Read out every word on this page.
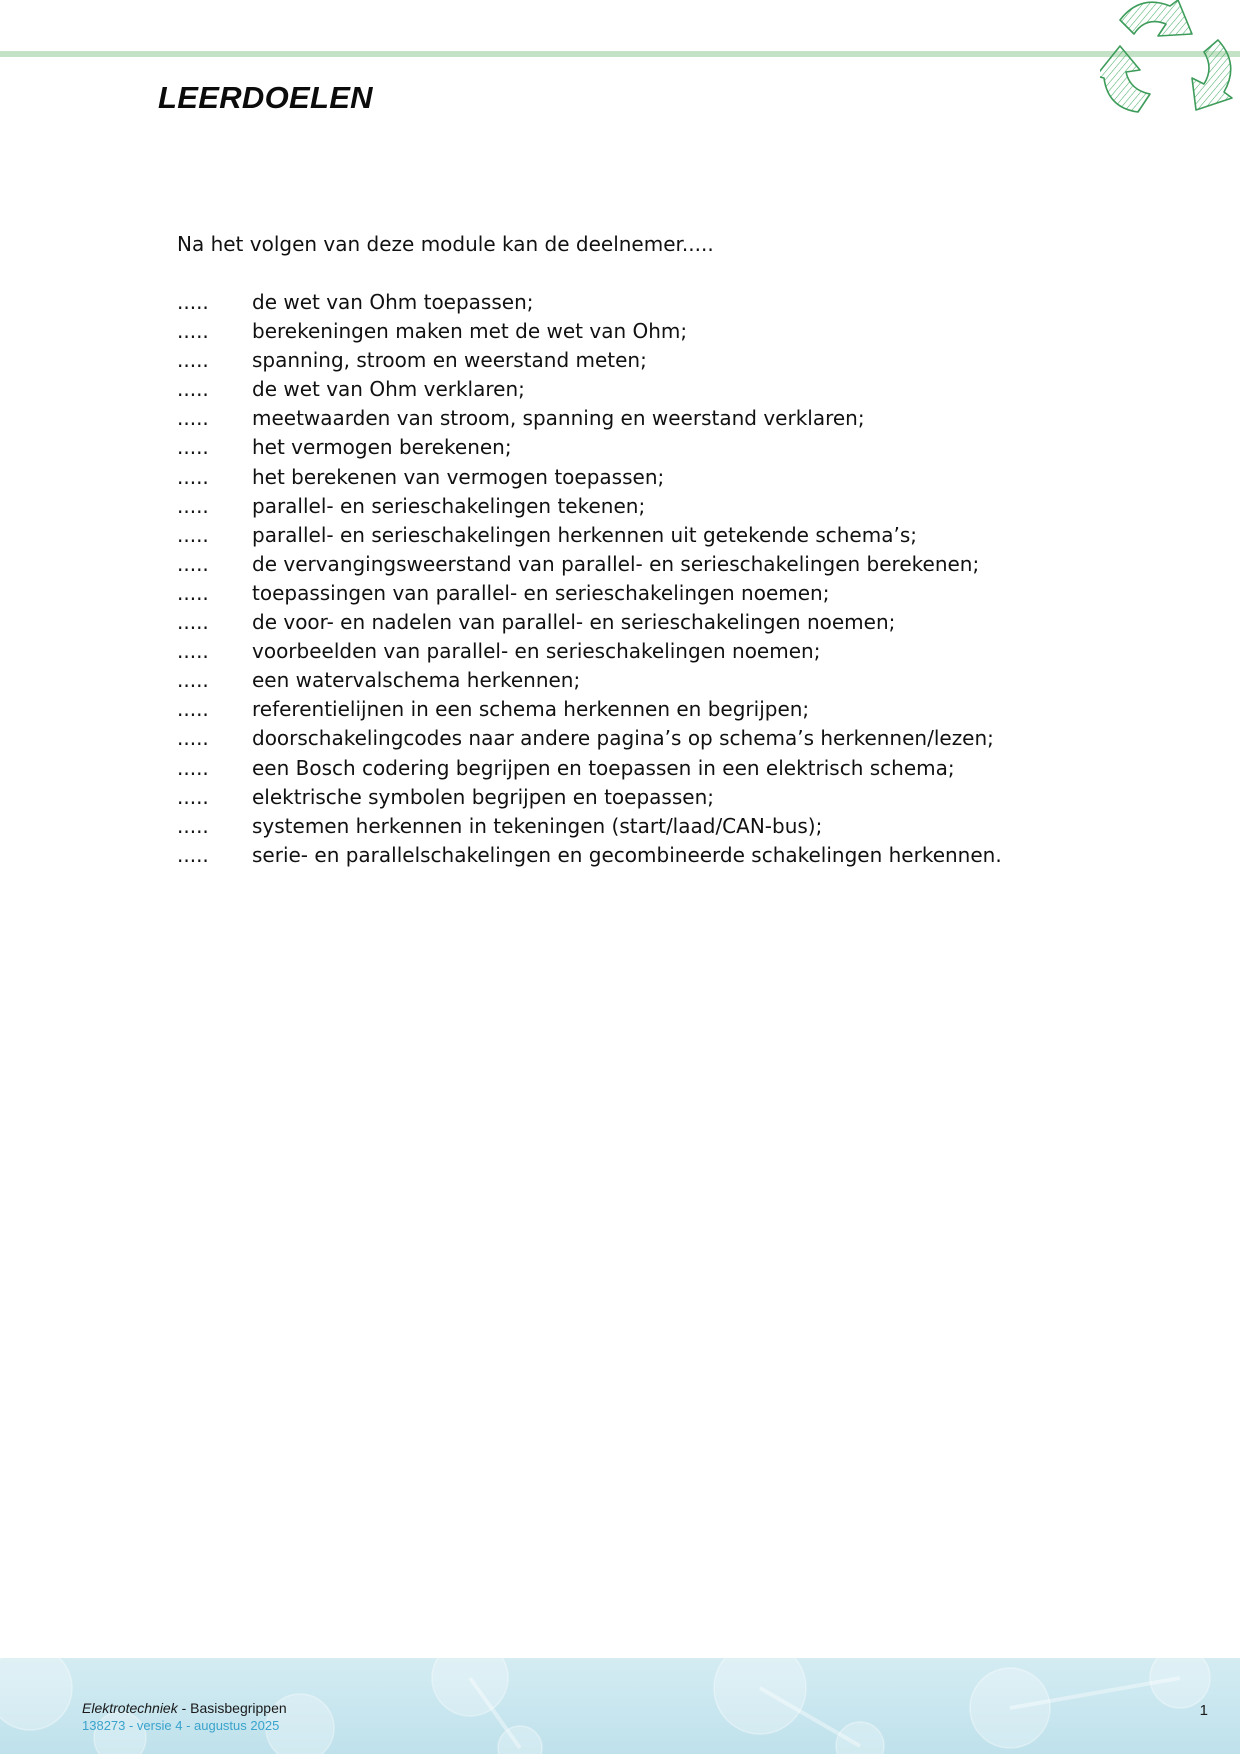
LEERDOELEN

Na het volgen van deze module kan de deelnemer.....

.....	de wet van Ohm toepassen;
.....	berekeningen maken met de wet van Ohm;
.....	spanning, stroom en weerstand meten;
.....	de wet van Ohm verklaren;
.....	meetwaarden van stroom, spanning en weerstand verklaren;
.....	het vermogen berekenen;
.....	het berekenen van vermogen toepassen;
.....	parallel- en serieschakelingen tekenen;
.....	parallel- en serieschakelingen herkennen uit getekende schema’s;
.....	de vervangingsweerstand van parallel- en serieschakelingen berekenen;
.....	toepassingen van parallel- en serieschakelingen noemen;
.....	de voor- en nadelen van parallel- en serieschakelingen noemen;
.....	voorbeelden van parallel- en serieschakelingen noemen;
.....	een watervalschema herkennen;
.....	referentielijnen in een schema herkennen en begrijpen;
.....	doorschakelingcodes naar andere pagina’s op schema’s herkennen/lezen;
.....	een Bosch codering begrijpen en toepassen in een elektrisch schema;
.....	elektrische symbolen begrijpen en toepassen;
.....	systemen herkennen in tekeningen (start/laad/CAN-bus);
.....	serie- en parallelschakelingen en gecombineerde schakelingen herkennen.
Elektrotechniek - Basisbegrippen
138273 - versie 4 - augustus 2025
1
